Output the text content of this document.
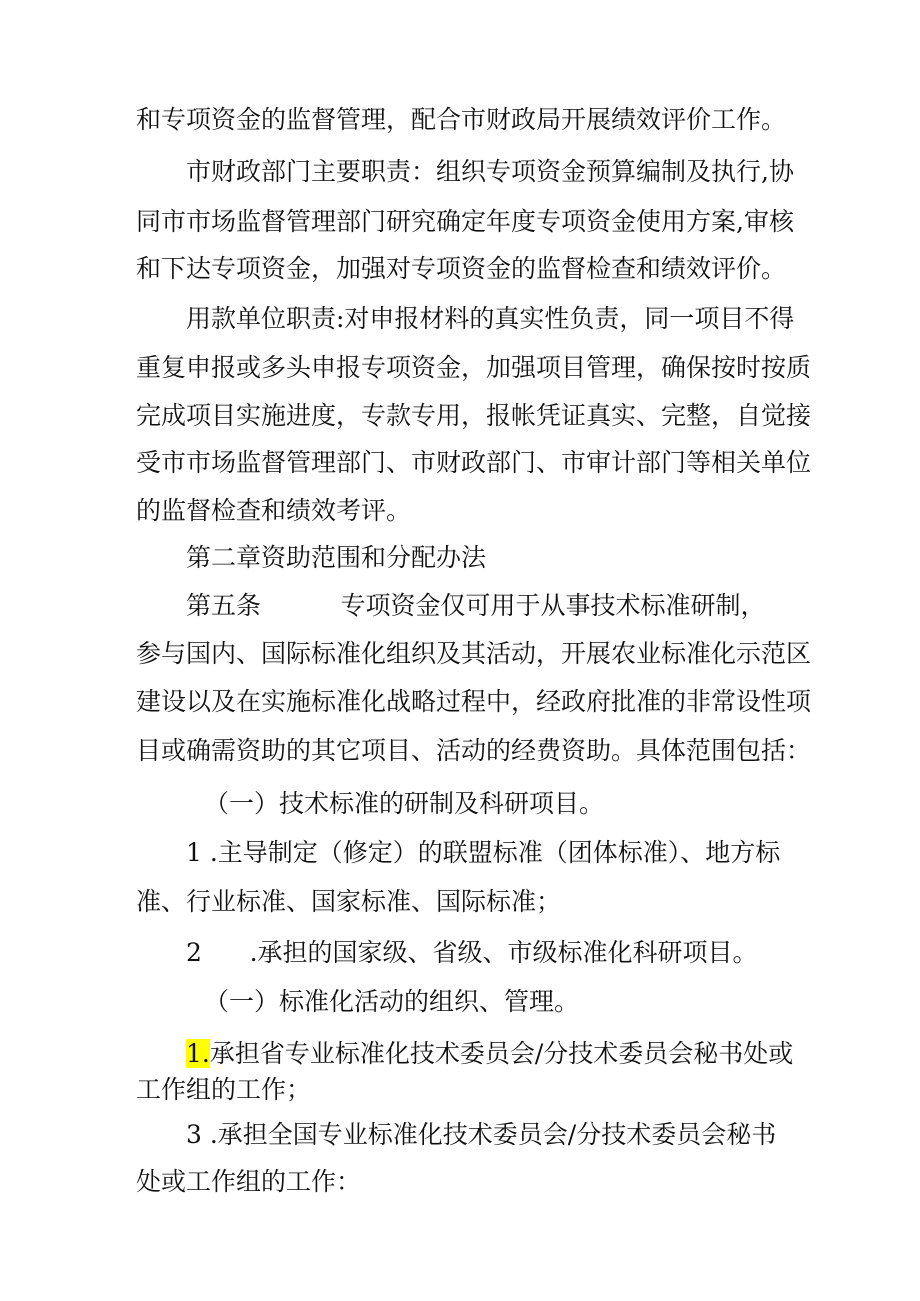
和专项资金的监督管理，配合市财政局开展绩效评价工作。
市财政部门主要职责：组织专项资金预算编制及执行,协
同市市场监督管理部门研究确定年度专项资金使用方案,审核
和下达专项资金，加强对专项资金的监督检查和绩效评价。
用款单位职责:对申报材料的真实性负责，同一项目不得
重复申报或多头申报专项资金，加强项目管理，确保按时按质
完成项目实施进度，专款专用，报帐凭证真实、完整，自觉接
受市市场监督管理部门、市财政部门、市审计部门等相关单位
的监督检查和绩效考评。
第二章资助范围和分配办法
第五条          专项资金仅可用于从事技术标准研制，
参与国内、国际标准化组织及其活动，开展农业标准化示范区
建设以及在实施标准化战略过程中，经政府批准的非常设性项
目或确需资助的其它项目、活动的经费资助。具体范围包括：
（一）技术标准的研制及科研项目。
1 .主导制定（修定）的联盟标准（团体标准）、地方标
准、行业标准、国家标准、国际标准；
2      .承担的国家级、省级、市级标准化科研项目。
（一）标准化活动的组织、管理。
1.承担省专业标准化技术委员会/分技术委员会秘书处或
工作组的工作；
3 .承担全国专业标准化技术委员会/分技术委员会秘书
处或工作组的工作：
